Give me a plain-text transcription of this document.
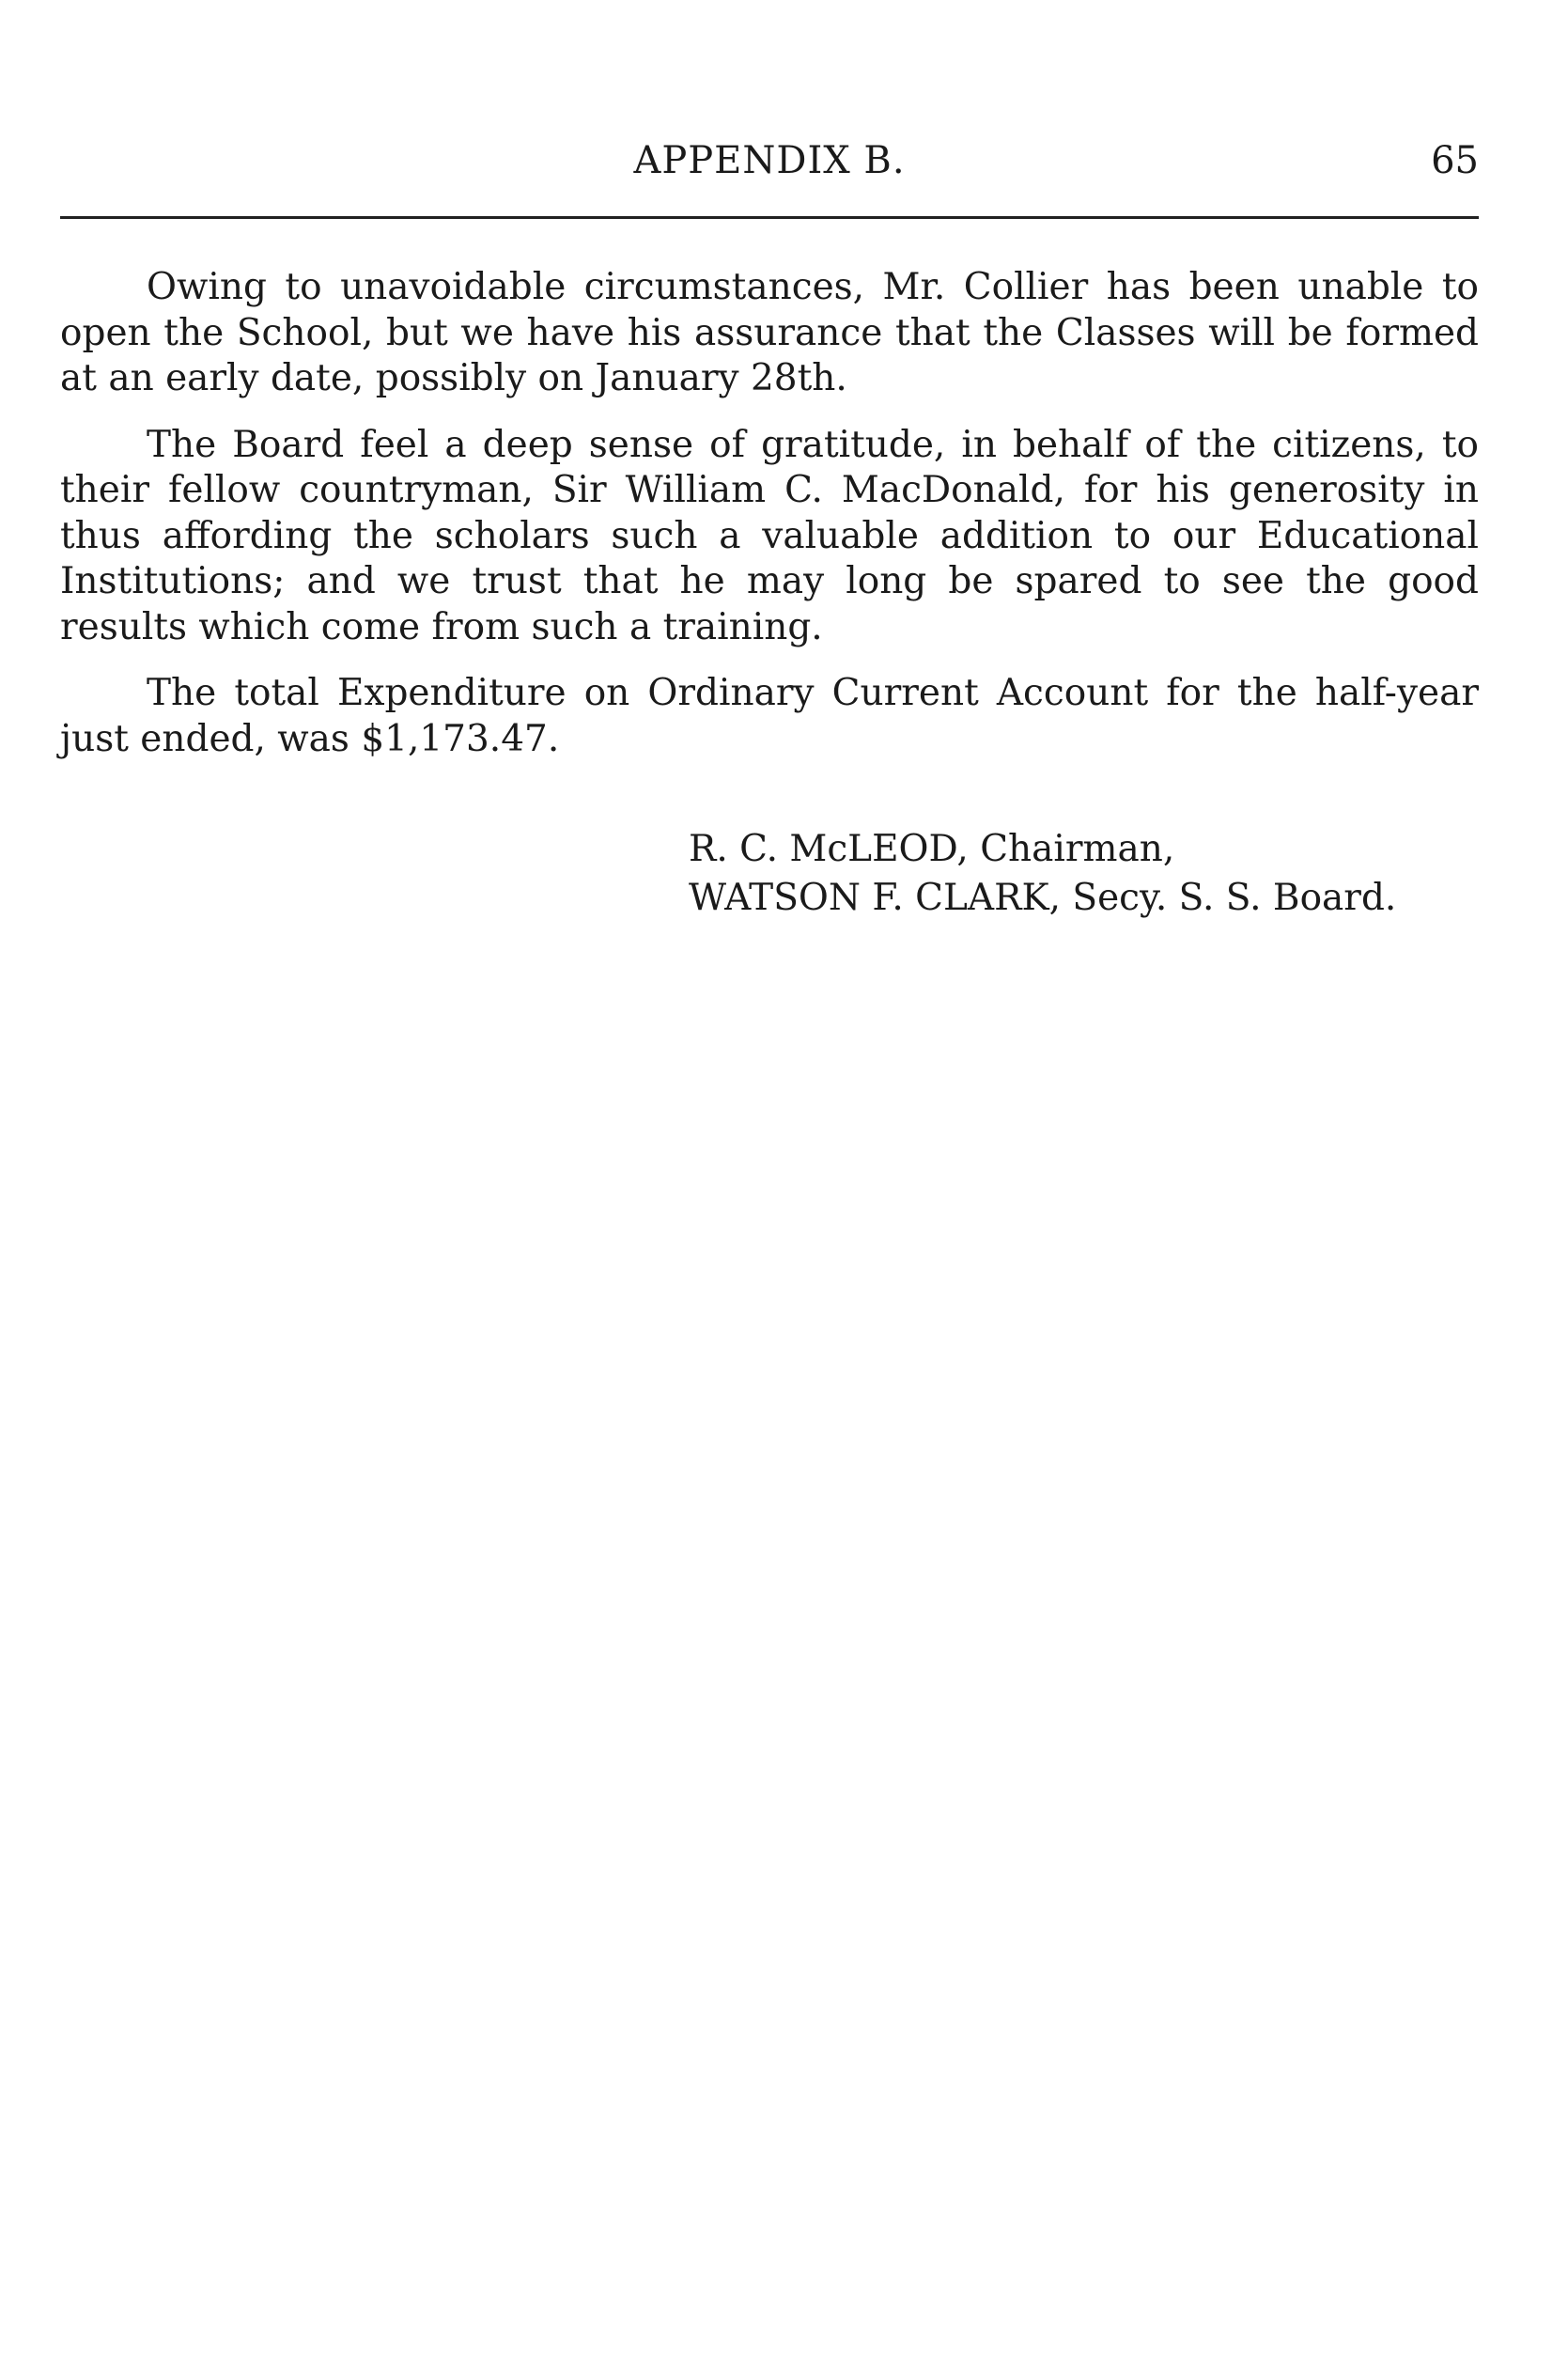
APPENDIX B.	65

Owing to unavoidable circumstances, Mr. Collier has been unable to open the School, but we have his assurance that the Classes will be formed at an early date, possibly on January 28th.

The Board feel a deep sense of gratitude, in behalf of the citizens, to their fellow countryman, Sir William C. MacDonald, for his generosity in thus affording the scholars such a valuable addition to our Educational Institutions; and we trust that he may long be spared to see the good results which come from such a training.

The total Expenditure on Ordinary Current Account for the half-year just ended, was $1,173.47.

R. C. McLEOD, Chairman,
WATSON F. CLARK, Secy. S. S. Board.
